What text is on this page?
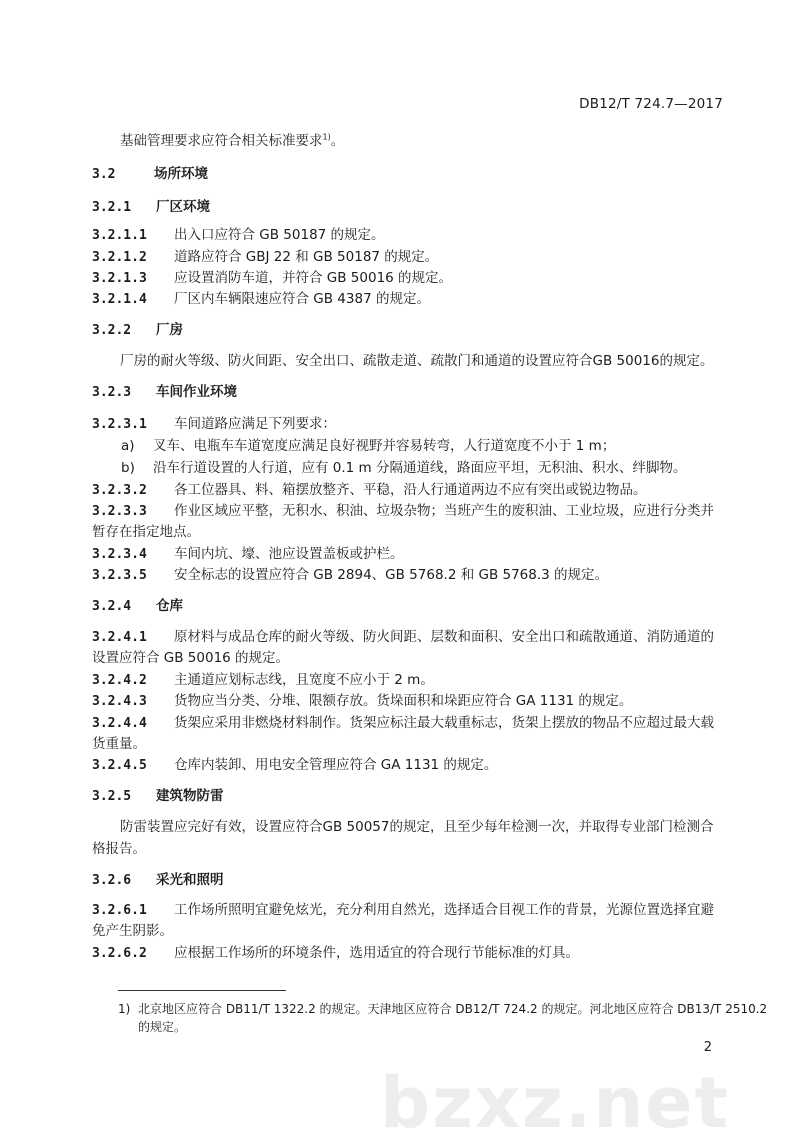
DB12/T 724.7—2017
基础管理要求应符合相关标准要求$^{1)}$。
3.2	场所环境
3.2.1 厂区环境
3.2.1.1 出入口应符合 GB 50187 的规定。
3.2.1.2 道路应符合 GBJ 22 和 GB 50187 的规定。
3.2.1.3 应设置消防车道，并符合 GB 50016 的规定。
3.2.1.4 厂区内车辆限速应符合 GB 4387 的规定。
3.2.2 厂房
厂房的耐火等级、防火间距、安全出口、疏散走道、疏散门和通道的设置应符合GB 50016的规定。
3.2.3 车间作业环境
3.2.3.1 车间道路应满足下列要求：
a) 叉车、电瓶车车道宽度应满足良好视野并容易转弯，人行道宽度不小于 1 m；
b) 沿车行道设置的人行道，应有 0.1 m 分隔通道线，路面应平坦，无积油、积水、绊脚物。
3.2.3.2 各工位器具、料、箱摆放整齐、平稳，沿人行通道两边不应有突出或锐边物品。
3.2.3.3 作业区域应平整，无积水、积油、垃圾杂物；当班产生的废积油、工业垃圾，应进行分类并
暂存在指定地点。
3.2.3.4 车间内坑、壕、池应设置盖板或护栏。
3.2.3.5 安全标志的设置应符合 GB 2894、GB 5768.2 和 GB 5768.3 的规定。
3.2.4 仓库
3.2.4.1 原材料与成品仓库的耐火等级、防火间距、层数和面积、安全出口和疏散通道、消防通道的
设置应符合 GB 50016 的规定。
3.2.4.2 主通道应划标志线，且宽度不应小于 2 m。
3.2.4.3 货物应当分类、分堆、限额存放。货垛面积和垛距应符合 GA 1131 的规定。
3.2.4.4 货架应采用非燃烧材料制作。货架应标注最大载重标志，货架上摆放的物品不应超过最大载
货重量。
3.2.4.5 仓库内装卸、用电安全管理应符合 GA 1131 的规定。
3.2.5 建筑物防雷
防雷装置应完好有效，设置应符合GB 50057的规定，且至少每年检测一次，并取得专业部门检测合
格报告。
3.2.6 采光和照明
3.2.6.1 工作场所照明宜避免炫光，充分利用自然光，选择适合目视工作的背景，光源位置选择宜避
免产生阴影。
3.2.6.2 应根据工作场所的环境条件，选用适宜的符合现行节能标准的灯具。
1) 北京地区应符合 DB11/T 1322.2 的规定。天津地区应符合 DB12/T 724.2 的规定。河北地区应符合 DB13/T 2510.2
的规定。
2
bzxz.net
